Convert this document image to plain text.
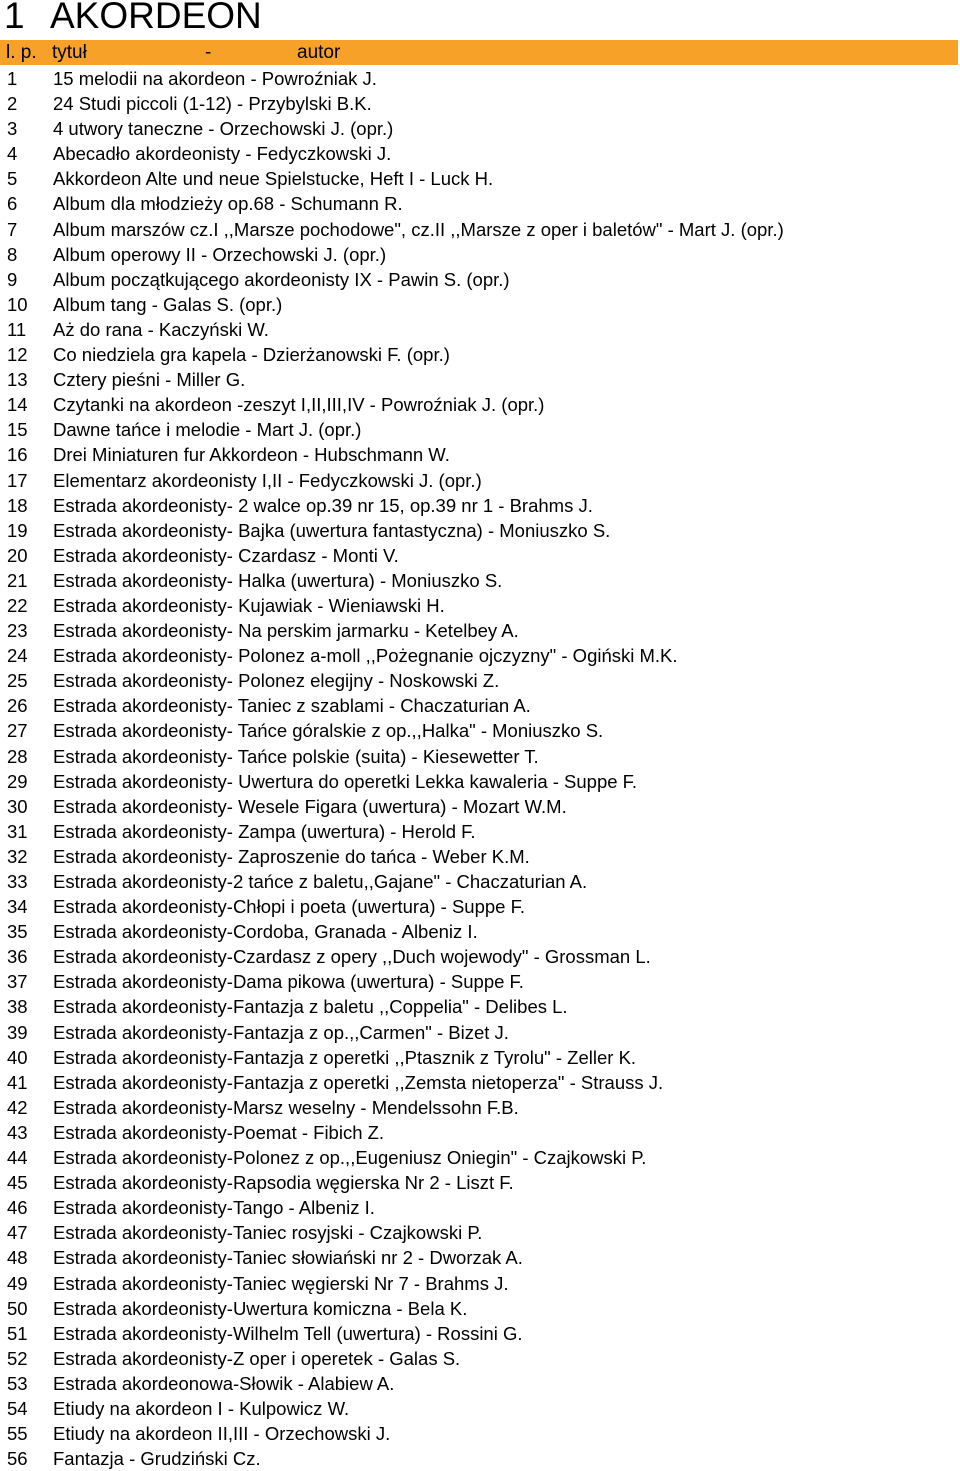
1 AKORDEON
l. p. tytuł	-	autor
1 15 melodii na akordeon - Powroźniak J.
2 24 Studi piccoli (1-12) - Przybylski B.K.
3 4 utwory taneczne - Orzechowski J. (opr.)
4 Abecadło akordeonisty - Fedyczkowski J.
5 Akkordeon Alte und neue Spielstucke, Heft I - Luck H.
6 Album dla młodzieży op.68 - Schumann R.
7 Album marszów cz.I ,,Marsze pochodowe", cz.II ,,Marsze z oper i baletów" - Mart J. (opr.)
8 Album operowy II - Orzechowski J. (opr.)
9 Album początkującego akordeonisty IX - Pawin S. (opr.)
10 Album tang - Galas S. (opr.)
11 Aż do rana - Kaczyński W.
12 Co niedziela gra kapela - Dzierżanowski F. (opr.)
13 Cztery pieśni - Miller G.
14 Czytanki na akordeon -zeszyt I,II,III,IV - Powroźniak J. (opr.)
15 Dawne tańce i melodie - Mart J. (opr.)
16 Drei Miniaturen fur Akkordeon - Hubschmann W.
17 Elementarz akordeonisty I,II - Fedyczkowski J. (opr.)
18 Estrada akordeonisty- 2 walce op.39 nr 15, op.39 nr 1 - Brahms J.
19 Estrada akordeonisty- Bajka (uwertura fantastyczna) - Moniuszko S.
20 Estrada akordeonisty- Czardasz - Monti V.
21 Estrada akordeonisty- Halka (uwertura) - Moniuszko S.
22 Estrada akordeonisty- Kujawiak - Wieniawski H.
23 Estrada akordeonisty- Na perskim jarmarku - Ketelbey A.
24 Estrada akordeonisty- Polonez a-moll ,,Pożegnanie ojczyzny" - Ogiński M.K.
25 Estrada akordeonisty- Polonez elegijny - Noskowski Z.
26 Estrada akordeonisty- Taniec z szablami - Chaczaturian A.
27 Estrada akordeonisty- Tańce góralskie z op.,,Halka" - Moniuszko S.
28 Estrada akordeonisty- Tańce polskie (suita) - Kiesewetter T.
29 Estrada akordeonisty- Uwertura do operetki Lekka kawaleria - Suppe F.
30 Estrada akordeonisty- Wesele Figara (uwertura) - Mozart W.M.
31 Estrada akordeonisty- Zampa (uwertura) - Herold F.
32 Estrada akordeonisty- Zaproszenie do tańca - Weber K.M.
33 Estrada akordeonisty-2 tańce z baletu,,Gajane" - Chaczaturian A.
34 Estrada akordeonisty-Chłopi i poeta (uwertura) - Suppe F.
35 Estrada akordeonisty-Cordoba, Granada - Albeniz I.
36 Estrada akordeonisty-Czardasz z opery ,,Duch wojewody" - Grossman L.
37 Estrada akordeonisty-Dama pikowa (uwertura) - Suppe F.
38 Estrada akordeonisty-Fantazja z baletu ,,Coppelia" - Delibes L.
39 Estrada akordeonisty-Fantazja z op.,,Carmen" - Bizet J.
40 Estrada akordeonisty-Fantazja z operetki ,,Ptasznik z Tyrolu" - Zeller K.
41 Estrada akordeonisty-Fantazja z operetki ,,Zemsta nietoperza" - Strauss J.
42 Estrada akordeonisty-Marsz weselny - Mendelssohn F.B.
43 Estrada akordeonisty-Poemat - Fibich Z.
44 Estrada akordeonisty-Polonez z op.,,Eugeniusz Oniegin" - Czajkowski P.
45 Estrada akordeonisty-Rapsodia węgierska Nr 2 - Liszt F.
46 Estrada akordeonisty-Tango - Albeniz I.
47 Estrada akordeonisty-Taniec rosyjski - Czajkowski P.
48 Estrada akordeonisty-Taniec słowiański nr 2 - Dworzak A.
49 Estrada akordeonisty-Taniec węgierski Nr 7 - Brahms J.
50 Estrada akordeonisty-Uwertura komiczna - Bela K.
51 Estrada akordeonisty-Wilhelm Tell (uwertura) - Rossini G.
52 Estrada akordeonisty-Z oper i operetek - Galas S.
53 Estrada akordeonowa-Słowik - Alabiew A.
54 Etiudy na akordeon I - Kulpowicz W.
55 Etiudy na akordeon II,III - Orzechowski J.
56 Fantazja - Grudziński Cz.
